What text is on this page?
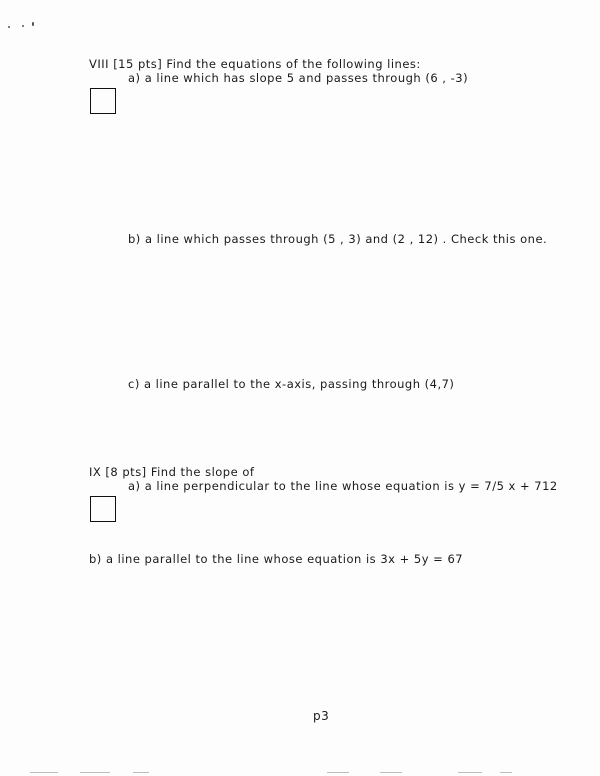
VIII [15 pts] Find the equations of the following lines:
a) a line which has slope 5 and passes through (6 , -3)
b) a line which passes through (5 , 3) and (2 , 12) . Check this one.
c) a line parallel to the x-axis, passing through (4,7)
IX [8 pts] Find the slope of
a) a line perpendicular to the line whose equation is y = 7/5 x + 712
b) a line parallel to the line whose equation is 3x + 5y = 67
p3
